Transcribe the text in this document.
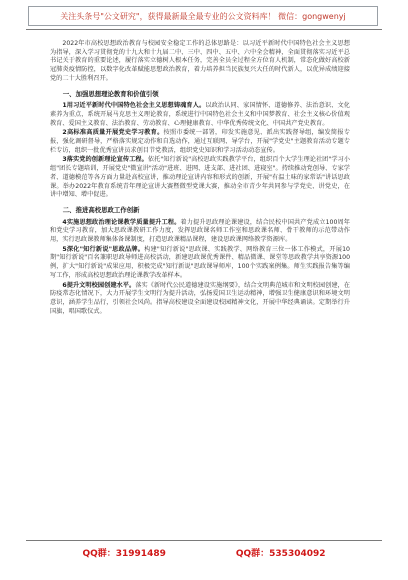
关注头条号"公文研究"，获得最新最全最专业的公文资料库！ 微信：gongwenyj

2022年市高校思想政治教育与校园安全稳定工作的总体思路是：以习近平新时代中国特色社会主义思想为指导，深入学习贯彻党的十九大和十九届二中、三中、四中、五中、六中全会精神，全面贯彻落实习近平总书记关于教育的重要论述，履行落实立德树人根本任务，完善全员全过程全方位育人机制，常态化做好高校新冠肺炎疫情防控，以数字化改革赋能思想政治教育，着力培养担当民族复兴大任的时代新人，以优异成绩迎接党的二十大胜利召开。

一、加强思想理论教育和价值引领

1用习近平新时代中国特色社会主义思想铸魂育人。以政治认同、家国情怀、道德修养、法治意识、文化素养为重点，系统开展马克思主义理论教育，系统进行中国特色社会主义和中国梦教育、社会主义核心价值观教育、爱国主义教育、法治教育、劳动教育、心理健康教育、中华优秀传统文化、中国共产党史教育。

2高标准高质量开展党史学习教育。按照市委统一部署，印发实施意见、派出实践督导组，编发简报专报，强化调研督导，严格落实规定动作和自选动作，通过互联网、导学台，开展"学党史"主题教育活动专题专栏专访，组织一批优秀宣讲员求创目节党教活，组织党史知识和学习活动动态宣传。

3落实党的创新理论宣传工程。依托"知行新说"高校思政实践教学平台，组织百个大学生理论社团"学习小组"团长专题培训，开展党史"微宣讲"活动"进班、进网、进支部、进社团、进寝室"。持续推动党创导、专家学者、道德模范等各方面力量赴高校宣讲，推动理论宣讲内容和形式的创新，开展"有温土味的家常话"讲话思政课。举办2022年教育系统青年理论宣讲大赛暨微型党课大赛，推动全市青少年共同参与学党史、讲党史，在讲中增知、增中促进。

二、推进高校思政工作创新

4实施思想政治理论课教学质量提升工程。着力提升思政理论课建设，结合民校中国共产党成立100周年和党史学习教育，加大思政课教研工作力度，发挥思政课名师工作室和思政课名师、骨干教师的示范带动作用，实行思政课教师集体备课制度，打造思政课精品课程，建设思政课网络教学资源库。

5深化"知行新说"思政品牌。构建"知行新说"思政课、实践教学、网络教育三位一体工作模式，开展10期"知行新说"百名兼职思政导师进高校活动，新建思政课优秀课件、精品微课、课堂等思政教学共享资源100例，扩大"知行新说"成果应用，积极完成"知行新说"思政课导师库，100个实践案例集。师生实践报告集等编写工作，形成高校思想政治理论课教学改革样本。

6提升文明校园创建水平。落实《新时代公民道德建设实施纲要》，结合文明典范城市和文明校园创建，在防疫常态化情况下，大力开展学生文明行为提升活动，弘扬爱国卫生运动精神，增强卫生健康意识和环境文明意识，涵养学生品行，引领社会风尚。指导高校建设全面建设校园精神文化，开展中华经典诵读。定期举行升国旗，唱国歌仪式。

QQ群：31991489	QQ群：535304092
